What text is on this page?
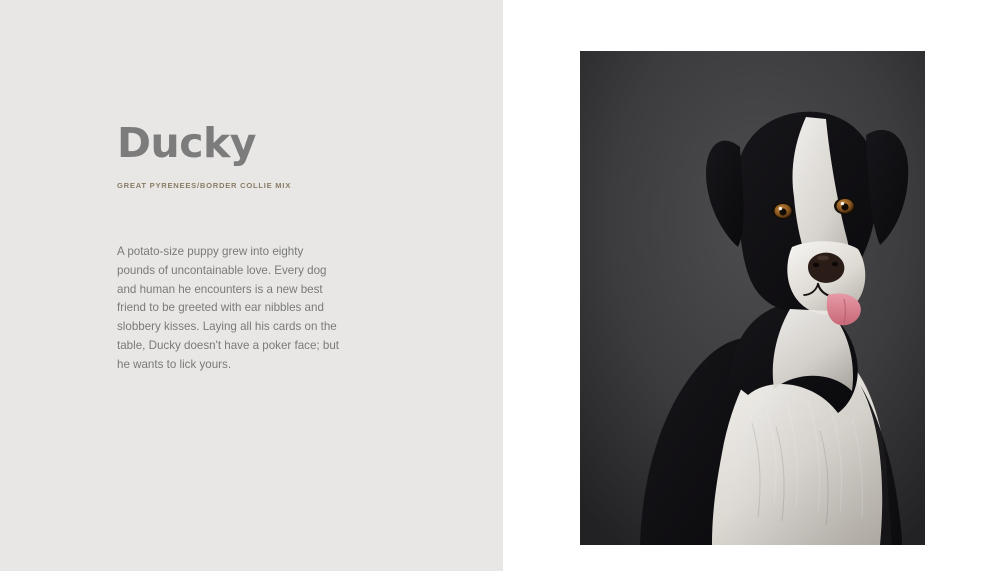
Ducky
GREAT PYRENEES/BORDER COLLIE MIX

A potato-size puppy grew into eighty pounds of uncontainable love. Every dog and human he encounters is a new best friend to be greeted with ear nibbles and slobbery kisses. Laying all his cards on the table, Ducky doesn't have a poker face; but he wants to lick yours.
